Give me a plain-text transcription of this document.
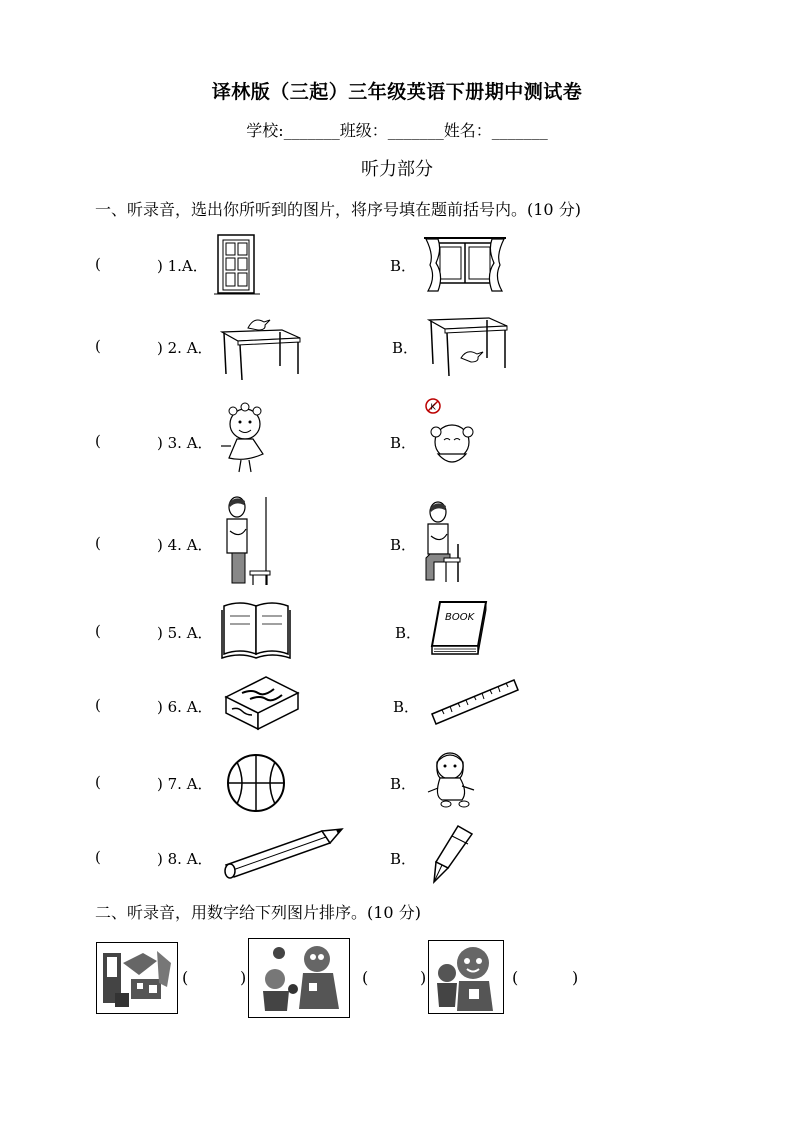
译林版（三起）三年级英语下册期中测试卷
学校:_______班级：_______姓名：_______
听力部分
一、听录音，选出你所听到的图片，将序号填在题前括号内。(10 分)
(	) 1.A．	B．
(	) 2. A．	B．
(	) 3. A．	B．
K
(	) 4. A．	B．
(	) 5. A．	B．
BOOK
(	) 6. A．	B．
(	) 7. A．	B．
(	) 8. A．	B．
二、听录音，用数字给下列图片排序。(10 分)
(	)	(	)	(	)
